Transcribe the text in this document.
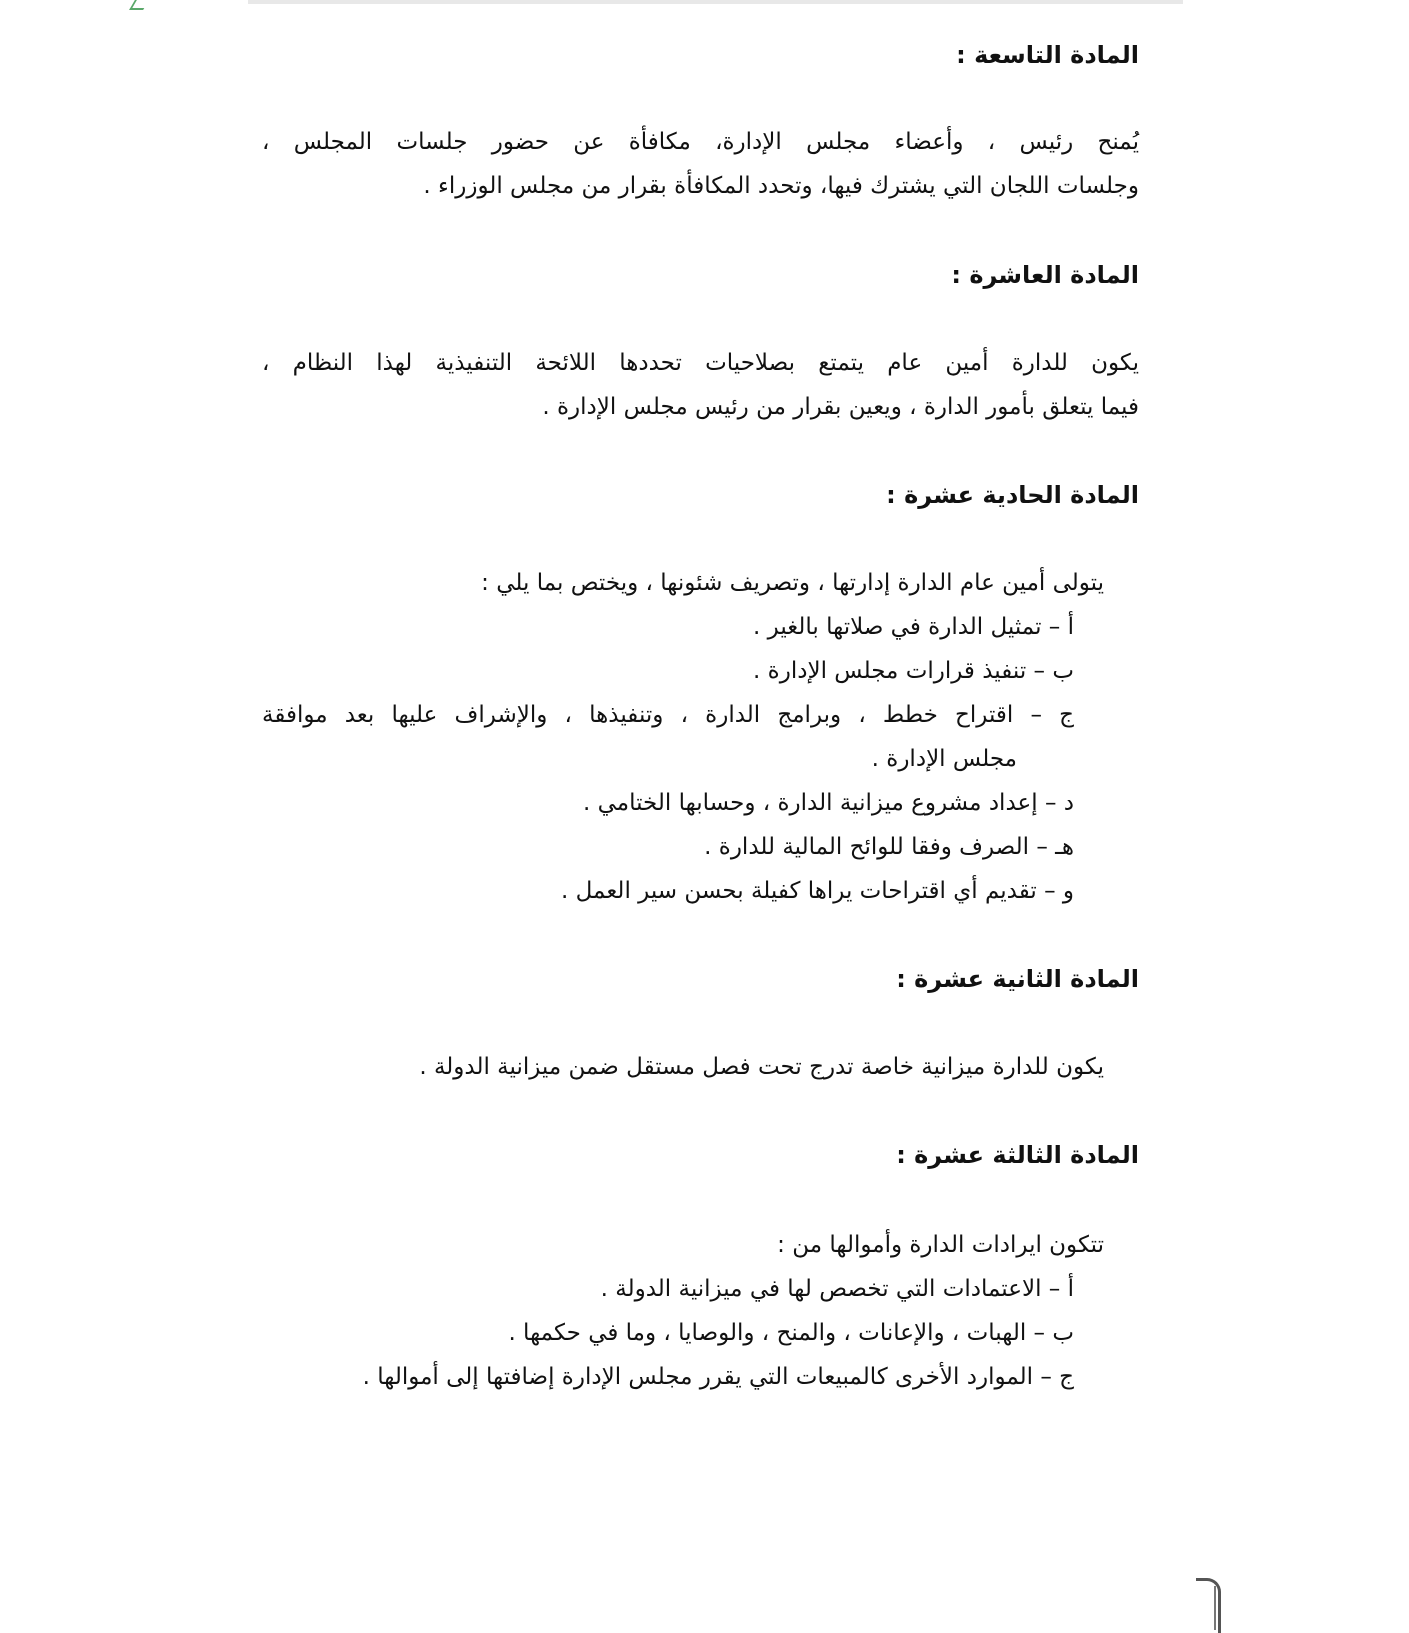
المادة التاسعة :
يُمنح رئيس ، وأعضاء مجلس الإدارة، مكافأة عن حضور جلسات المجلس ،
وجلسات اللجان التي يشترك فيها، وتحدد المكافأة بقرار من مجلس الوزراء .
المادة العاشرة :
يكون للدارة أمين عام يتمتع بصلاحيات تحددها اللائحة التنفيذية لهذا النظام ،
فيما يتعلق بأمور الدارة ، ويعين بقرار من رئيس مجلس الإدارة .
المادة الحادية عشرة :
يتولى أمين عام الدارة إدارتها ، وتصريف شئونها ، ويختص بما يلي :
أ – تمثيل الدارة في صلاتها بالغير .
ب – تنفيذ قرارات مجلس الإدارة .
ج – اقتراح خطط ، وبرامج الدارة ، وتنفيذها ، والإشراف عليها بعد موافقة
مجلس الإدارة .
د – إعداد مشروع ميزانية الدارة ، وحسابها الختامي .
هـ – الصرف وفقا للوائح المالية للدارة .
و – تقديم أي اقتراحات يراها كفيلة بحسن سير العمل .
المادة الثانية عشرة :
يكون للدارة ميزانية خاصة تدرج تحت فصل مستقل ضمن ميزانية الدولة .
المادة الثالثة عشرة :
تتكون ايرادات الدارة وأموالها من :
أ – الاعتمادات التي تخصص لها في ميزانية الدولة .
ب – الهبات ، والإعانات ، والمنح ، والوصايا ، وما في حكمها .
ج – الموارد الأخرى كالمبيعات التي يقرر مجلس الإدارة إضافتها إلى أموالها .
